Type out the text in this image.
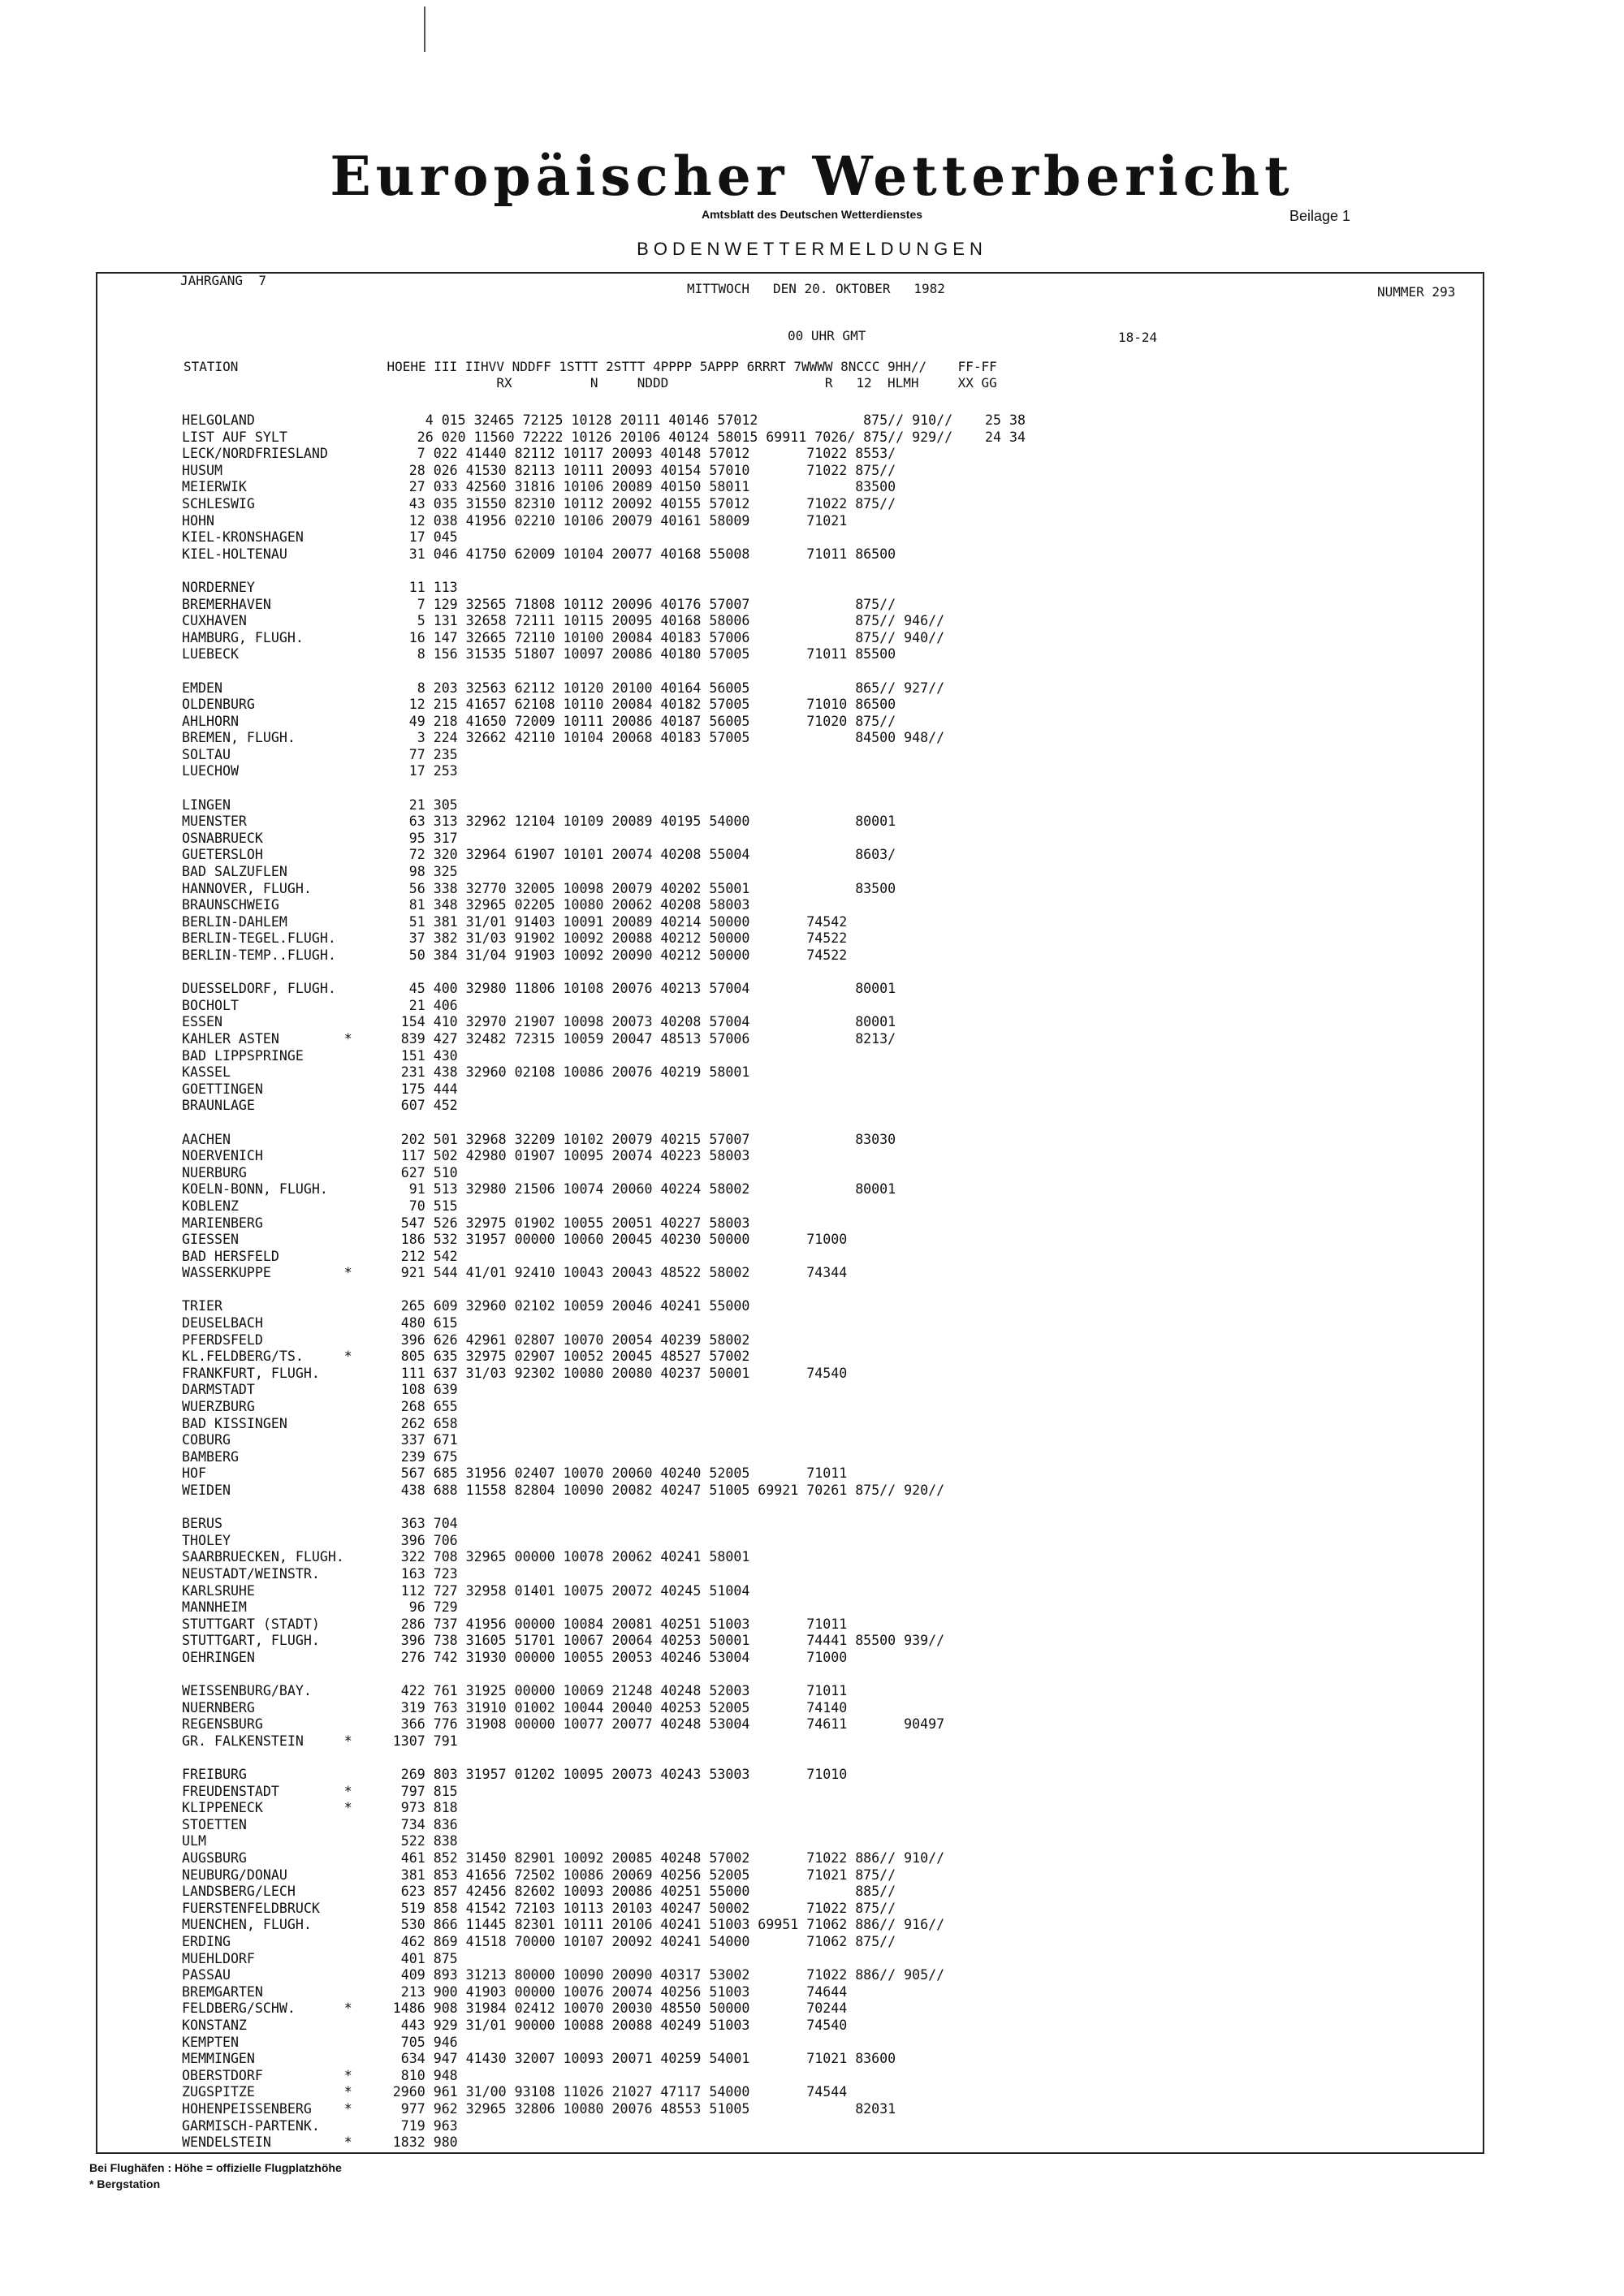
Europäischer Wetterbericht
Amtsblatt des Deutschen Wetterdienstes	Beilage 1
BODENWETTERMELDUNGEN
JAHRGANG  7
MITTWOCH   DEN 20. OKTOBER   1982	NUMMER 293
00 UHR GMT	18-24
STATION                   HOEHE III IIHVV NDDFF 1STTT 2STTT 4PPPP 5APPP 6RRRT 7WWWW 8NCCC 9HH//    FF-FF
RX          N     NDDD                    R   12  HLMH     XX GG
HELGOLAND                     4 015 32465 72125 10128 20111 40146 57012             875// 910//    25 38
LIST AUF SYLT                26 020 11560 72222 10126 20106 40124 58015 69911 7026/ 875// 929//    24 34
LECK/NORDFRIESLAND           7 022 41440 82112 10117 20093 40148 57012       71022 8553/
HUSUM                       28 026 41530 82113 10111 20093 40154 57010       71022 875//
MEIERWIK                    27 033 42560 31816 10106 20089 40150 58011             83500
SCHLESWIG                   43 035 31550 82310 10112 20092 40155 57012       71022 875//
HOHN                        12 038 41956 02210 10106 20079 40161 58009       71021
KIEL-KRONSHAGEN             17 045
KIEL-HOLTENAU               31 046 41750 62009 10104 20077 40168 55008       71011 86500
NORDERNEY                   11 113
BREMERHAVEN                  7 129 32565 71808 10112 20096 40176 57007             875//
CUXHAVEN                     5 131 32658 72111 10115 20095 40168 58006             875// 946//
HAMBURG, FLUGH.             16 147 32665 72110 10100 20084 40183 57006             875// 940//
LUEBECK                      8 156 31535 51807 10097 20086 40180 57005       71011 85500
EMDEN                        8 203 32563 62112 10120 20100 40164 56005             865// 927//
OLDENBURG                   12 215 41657 62108 10110 20084 40182 57005       71010 86500
AHLHORN                     49 218 41650 72009 10111 20086 40187 56005       71020 875//
BREMEN, FLUGH.               3 224 32662 42110 10104 20068 40183 57005             84500 948//
SOLTAU                      77 235
LUECHOW                     17 253
LINGEN                      21 305
MUENSTER                    63 313 32962 12104 10109 20089 40195 54000             80001
OSNABRUECK                  95 317
GUETERSLOH                  72 320 32964 61907 10101 20074 40208 55004             8603/
BAD SALZUFLEN               98 325
HANNOVER, FLUGH.            56 338 32770 32005 10098 20079 40202 55001             83500
BRAUNSCHWEIG                81 348 32965 02205 10080 20062 40208 58003
BERLIN-DAHLEM               51 381 31/01 91403 10091 20089 40214 50000       74542
BERLIN-TEGEL.FLUGH.         37 382 31/03 91902 10092 20088 40212 50000       74522
BERLIN-TEMP..FLUGH.         50 384 31/04 91903 10092 20090 40212 50000       74522
DUESSELDORF, FLUGH.         45 400 32980 11806 10108 20076 40213 57004             80001
BOCHOLT                     21 406
ESSEN                      154 410 32970 21907 10098 20073 40208 57004             80001
KAHLER ASTEN        *      839 427 32482 72315 10059 20047 48513 57006             8213/
BAD LIPPSPRINGE            151 430
KASSEL                     231 438 32960 02108 10086 20076 40219 58001
GOETTINGEN                 175 444
BRAUNLAGE                  607 452
AACHEN                     202 501 32968 32209 10102 20079 40215 57007             83030
NOERVENICH                 117 502 42980 01907 10095 20074 40223 58003
NUERBURG                   627 510
KOELN-BONN, FLUGH.          91 513 32980 21506 10074 20060 40224 58002             80001
KOBLENZ                     70 515
MARIENBERG                 547 526 32975 01902 10055 20051 40227 58003
GIESSEN                    186 532 31957 00000 10060 20045 40230 50000       71000
BAD HERSFELD               212 542
WASSERKUPPE         *      921 544 41/01 92410 10043 20043 48522 58002       74344
TRIER                      265 609 32960 02102 10059 20046 40241 55000
DEUSELBACH                 480 615
PFERDSFELD                 396 626 42961 02807 10070 20054 40239 58002
KL.FELDBERG/TS.     *      805 635 32975 02907 10052 20045 48527 57002
FRANKFURT, FLUGH.          111 637 31/03 92302 10080 20080 40237 50001       74540
DARMSTADT                  108 639
WUERZBURG                  268 655
BAD KISSINGEN              262 658
COBURG                     337 671
BAMBERG                    239 675
HOF                        567 685 31956 02407 10070 20060 40240 52005       71011
WEIDEN                     438 688 11558 82804 10090 20082 40247 51005 69921 70261 875// 920//
BERUS                      363 704
THOLEY                     396 706
SAARBRUECKEN, FLUGH.       322 708 32965 00000 10078 20062 40241 58001
NEUSTADT/WEINSTR.          163 723
KARLSRUHE                  112 727 32958 01401 10075 20072 40245 51004
MANNHEIM                    96 729
STUTTGART (STADT)          286 737 41956 00000 10084 20081 40251 51003       71011
STUTTGART, FLUGH.          396 738 31605 51701 10067 20064 40253 50001       74441 85500 939//
OEHRINGEN                  276 742 31930 00000 10055 20053 40246 53004       71000
WEISSENBURG/BAY.           422 761 31925 00000 10069 21248 40248 52003       71011
NUERNBERG                  319 763 31910 01002 10044 20040 40253 52005       74140
REGENSBURG                 366 776 31908 00000 10077 20077 40248 53004       74611       90497
GR. FALKENSTEIN     *     1307 791
FREIBURG                   269 803 31957 01202 10095 20073 40243 53003       71010
FREUDENSTADT        *      797 815
KLIPPENECK          *      973 818
STOETTEN                   734 836
ULM                        522 838
AUGSBURG                   461 852 31450 82901 10092 20085 40248 57002       71022 886// 910//
NEUBURG/DONAU              381 853 41656 72502 10086 20069 40256 52005       71021 875//
LANDSBERG/LECH             623 857 42456 82602 10093 20086 40251 55000             885//
FUERSTENFELDBRUCK          519 858 41542 72103 10113 20103 40247 50002       71022 875//
MUENCHEN, FLUGH.           530 866 11445 82301 10111 20106 40241 51003 69951 71062 886// 916//
ERDING                     462 869 41518 70000 10107 20092 40241 54000       71062 875//
MUEHLDORF                  401 875
PASSAU                     409 893 31213 80000 10090 20090 40317 53002       71022 886// 905//
BREMGARTEN                 213 900 41903 00000 10076 20074 40256 51003       74644
FELDBERG/SCHW.      *     1486 908 31984 02412 10070 20030 48550 50000       70244
KONSTANZ                   443 929 31/01 90000 10088 20088 40249 51003       74540
KEMPTEN                    705 946
MEMMINGEN                  634 947 41430 32007 10093 20071 40259 54001       71021 83600
OBERSTDORF          *      810 948
ZUGSPITZE           *     2960 961 31/00 93108 11026 21027 47117 54000       74544
HOHENPEISSENBERG    *      977 962 32965 32806 10080 20076 48553 51005             82031
GARMISCH-PARTENK.          719 963
WENDELSTEIN         *     1832 980
Bei Flughäfen : Höhe = offizielle Flugplatzhöhe
* Bergstation
